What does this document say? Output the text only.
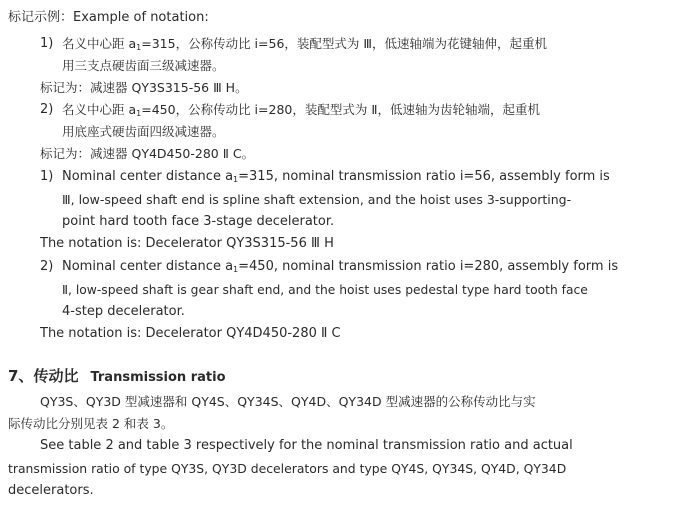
标记示例：Example of notation:
1) 名义中心距 $a_1=315$，公称传动比 i=56，装配型式为 Ⅲ，低速轴端为花键轴伸，起重机
用三支点硬齿面三级减速器。
标记为：减速器 QY3S315-56 Ⅲ H。
2) 名义中心距 $a_1=450$，公称传动比 i=280，装配型式为 Ⅱ，低速轴为齿轮轴端，起重机
用底座式硬齿面四级减速器。
标记为：减速器 QY4D450-280 Ⅱ C。
1) Nominal center distance $a_1=315$, nominal transmission ratio i=56, assembly form is
Ⅲ, low-speed shaft end is spline shaft extension, and the hoist uses 3-supporting-
point hard tooth face 3-stage decelerator.
The notation is: Decelerator QY3S315-56 Ⅲ H
2) Nominal center distance $a_1=450$, nominal transmission ratio i=280, assembly form is
Ⅱ, low-speed shaft is gear shaft end, and the hoist uses pedestal type hard tooth face
4-step decelerator.
The notation is: Decelerator QY4D450-280 Ⅱ C
7、传动比 Transmission ratio
QY3S、QY3D 型减速器和 QY4S、QY34S、QY4D、QY34D 型减速器的公称传动比与实
际传动比分别见表 2 和表 3。
See table 2 and table 3 respectively for the nominal transmission ratio and actual
transmission ratio of type QY3S, QY3D decelerators and type QY4S, QY34S, QY4D, QY34D
decelerators.
